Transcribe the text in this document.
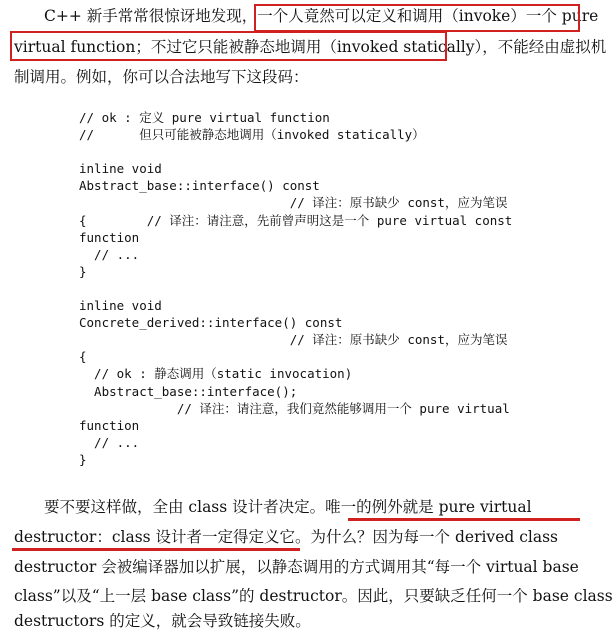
C++ 新手常常很惊讶地发现，一个人竟然可以定义和调用（invoke）一个 pure
virtual function；不过它只能被静态地调用（invoked statically），不能经由虚拟机
制调用。例如，你可以合法地写下这段码：
// ok : 定义 pure virtual function
//      但只可能被静态地调用（invoked statically）
inline void
Abstract_base::interface() const
// 译注：原书缺少 const，应为笔误
{        // 译注：请注意，先前曾声明这是一个 pure virtual const
function
// ...
}
inline void
Concrete_derived::interface() const
// 译注：原书缺少 const，应为笔误
{
// ok : 静态调用（static invocation)
Abstract_base::interface();
// 译注：请注意，我们竟然能够调用一个 pure virtual
function
// ...
}
要不要这样做，全由 class 设计者决定。唯一的例外就是 pure virtual
destructor：class 设计者一定得定义它。为什么？因为每一个 derived class
destructor 会被编译器加以扩展，以静态调用的方式调用其“每一个 virtual base
class”以及“上一层 base class”的 destructor。因此，只要缺乏任何一个 base class
destructors 的定义，就会导致链接失败。
